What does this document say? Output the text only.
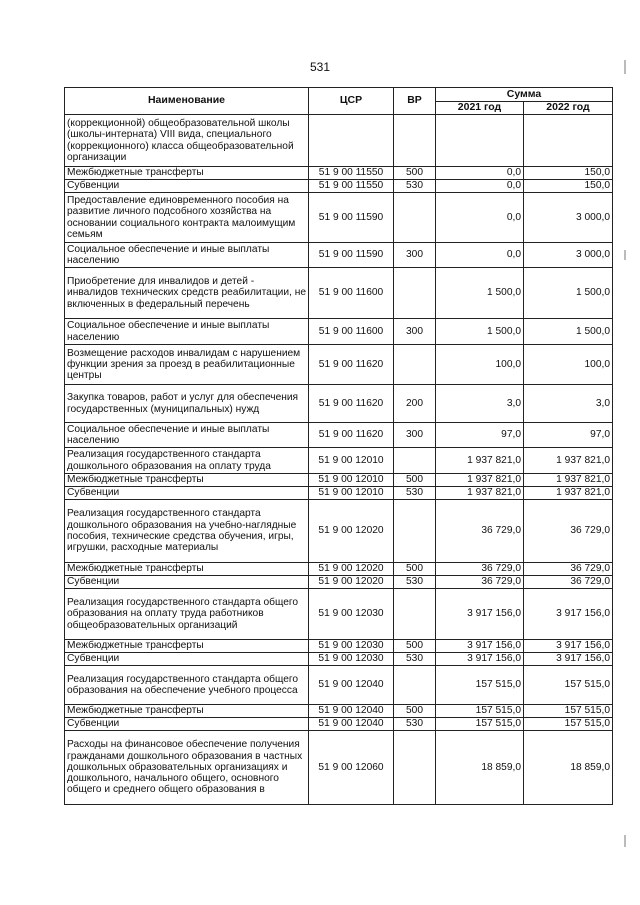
531
Наименование	ЦСР	ВР	Сумма	
			2021 год	2022 год
(коррекционной) общеобразовательной школы (школы-интерната) VIII вида, специального (коррекционного) класса общеобразовательной организации				
Межбюджетные трансферты	51 9 00 11550	500	0,0	150,0
Субвенции	51 9 00 11550	530	0,0	150,0
Предоставление единовременного пособия на развитие личного подсобного хозяйства на основании социального контракта малоимущим семьям	51 9 00 11590		0,0	3 000,0
Социальное обеспечение и иные выплаты населению	51 9 00 11590	300	0,0	3 000,0
Приобретение для инвалидов и детей - инвалидов технических средств реабилитации, не включенных в федеральный перечень	51 9 00 11600		1 500,0	1 500,0
Социальное обеспечение и иные выплаты населению	51 9 00 11600	300	1 500,0	1 500,0
Возмещение расходов инвалидам с нарушением функции зрения за проезд в реабилитационные центры	51 9 00 11620		100,0	100,0
Закупка товаров, работ и услуг для обеспечения государственных (муниципальных) нужд	51 9 00 11620	200	3,0	3,0
Социальное обеспечение и иные выплаты населению	51 9 00 11620	300	97,0	97,0
Реализация государственного стандарта дошкольного образования на оплату труда	51 9 00 12010		1 937 821,0	1 937 821,0
Межбюджетные трансферты	51 9 00 12010	500	1 937 821,0	1 937 821,0
Субвенции	51 9 00 12010	530	1 937 821,0	1 937 821,0
Реализация государственного стандарта дошкольного образования на учебно-наглядные пособия, технические средства обучения, игры, игрушки, расходные материалы	51 9 00 12020		36 729,0	36 729,0
Межбюджетные трансферты	51 9 00 12020	500	36 729,0	36 729,0
Субвенции	51 9 00 12020	530	36 729,0	36 729,0
Реализация государственного стандарта общего образования на оплату труда работников общеобразовательных организаций	51 9 00 12030		3 917 156,0	3 917 156,0
Межбюджетные трансферты	51 9 00 12030	500	3 917 156,0	3 917 156,0
Субвенции	51 9 00 12030	530	3 917 156,0	3 917 156,0
Реализация государственного стандарта общего образования на обеспечение учебного процесса	51 9 00 12040		157 515,0	157 515,0
Межбюджетные трансферты	51 9 00 12040	500	157 515,0	157 515,0
Субвенции	51 9 00 12040	530	157 515,0	157 515,0
Расходы на финансовое обеспечение получения гражданами дошкольного образования в частных дошкольных образовательных организациях и дошкольного, начального общего, основного общего и среднего общего образования в	51 9 00 12060		18 859,0	18 859,0
